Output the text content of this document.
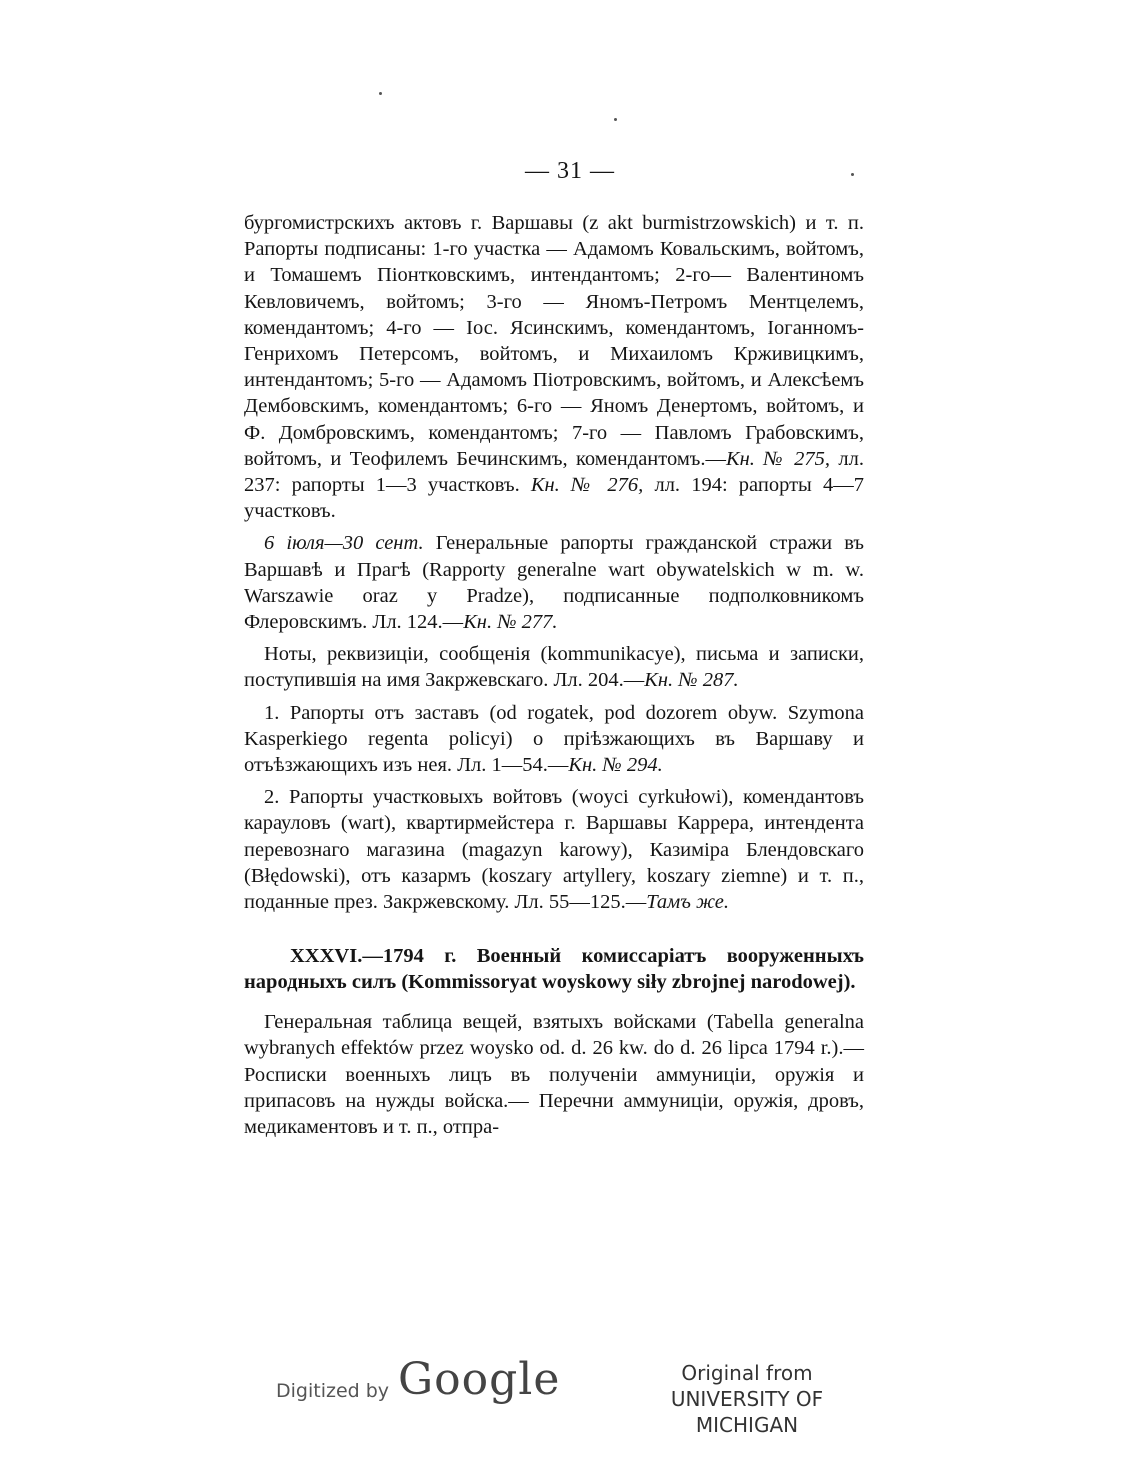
— 31 —

бургомистрскихъ актовъ г. Варшавы (z akt burmistrzowskich) и т. п. Рапорты подписаны: 1-го участка — Адамомъ Ковальскимъ, войтомъ, и Томашемъ Піонтковскимъ, интендантомъ; 2-го— Валентиномъ Кевловичемъ, войтомъ; 3-го — Яномъ-Петромъ Ментцелемъ, комендантомъ; 4-го — Іос. Ясинскимъ, комендантомъ, Іоганномъ-Генрихомъ Петерсомъ, войтомъ, и Михаиломъ Крживицкимъ, интендантомъ; 5-го — Адамомъ Піотровскимъ, войтомъ, и Алексѣемъ Дембовскимъ, комендантомъ; 6-го — Яномъ Денертомъ, войтомъ, и Ф. Домбровскимъ, комендантомъ; 7-го — Павломъ Грабовскимъ, войтомъ, и Теофилемъ Бечинскимъ, комендантомъ.—Кн. № 275, лл. 237: рапорты 1—3 участковъ. Кн. № 276, лл. 194: рапорты 4—7 участковъ.

6 іюля—30 сент. Генеральные рапорты гражданской стражи въ Варшавѣ и Прагѣ (Rapporty generalne wart obywatelskich w m. w. Warszawie oraz y Pradze), подписанные подполковникомъ Флеровскимъ. Лл. 124.—Кн. № 277.

Ноты, реквизиціи, сообщенія (kommunikacye), письма и записки, поступившія на имя Закржевскаго. Лл. 204.—Кн. № 287.

1. Рапорты отъ заставъ (od rogatek, pod dozorem obyw. Szymona Kasperkiego regenta policyi) о пріѣзжающихъ въ Варшаву и отъѣзжающихъ изъ нея. Лл. 1—54.—Кн. № 294.

2. Рапорты участковыхъ войтовъ (woyci cyrkułowi), комендантовъ карауловъ (wart), квартирмейстера г. Варшавы Каррера, интендента перевознаго магазина (magazyn karowy), Казиміра Блендовскаго (Błędowski), отъ казармъ (koszary artyllery, koszary ziemne) и т. п., поданные през. Закржевскому. Лл. 55—125.—Тамъ же.

XXXVI.—1794 г. Военный комиссаріатъ вооруженныхъ народныхъ силъ (Kommissoryat woyskowy siły zbrojnej narodowej).

Генеральная таблица вещей, взятыхъ войсками (Tabella generalna wybranych effektów przez woysko od. d. 26 kw. do d. 26 lipca 1794 r.).— Росписки военныхъ лицъ въ полученіи аммуниціи, оружія и припасовъ на нужды войска.— Перечни аммуниціи, оружія, дровъ, медикаментовъ и т. п., отпра-

Digitized by Google	Original from
UNIVERSITY OF MICHIGAN
